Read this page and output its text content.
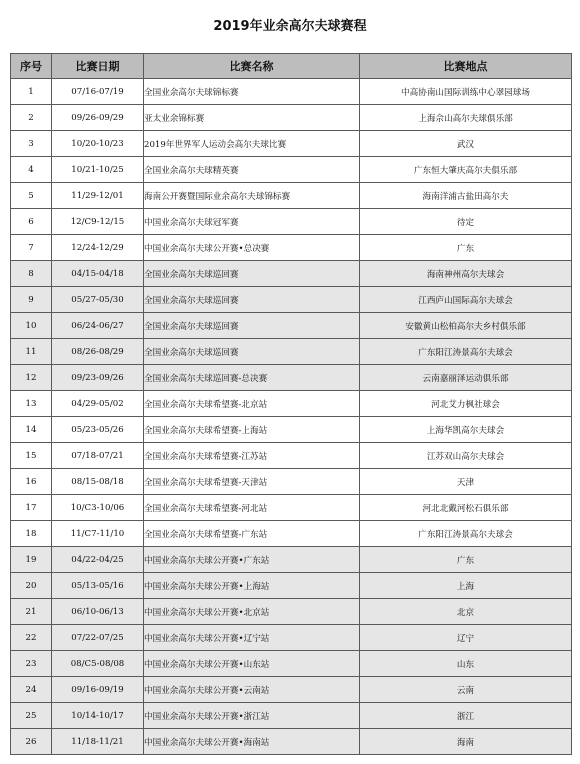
2019年业余高尔夫球赛程
序号	比赛日期	比赛名称	比赛地点
1	07/16-07/19	全国业余高尔夫球锦标赛	中高协南山国际训练中心翠园球场
2	09/26-09/29	亚太业余锦标赛	上海佘山高尔夫球俱乐部
3	10/20-10/23	2019年世界军人运动会高尔夫球比赛	武汉
4	10/21-10/25	全国业余高尔夫球精英赛	广东恒大肇庆高尔夫俱乐部
5	11/29-12/01	海南公开赛暨国际业余高尔夫球锦标赛	海南洋浦古盐田高尔夫
6	12/C9-12/15	中国业余高尔夫球冠军赛	待定
7	12/24-12/29	中国业余高尔夫球公开赛•总决赛	广东
8	04/15-04/18	全国业余高尔夫球巡回赛	海南神州高尔夫球会
9	05/27-05/30	全国业余高尔夫球巡回赛	江西庐山国际高尔夫球会
10	06/24-06/27	全国业余高尔夫球巡回赛	安徽黄山松柏高尔夫乡村俱乐部
11	08/26-08/29	全国业余高尔夫球巡回赛	广东阳江涛景高尔夫球会
12	09/23-09/26	全国业余高尔夫球巡回赛-总决赛	云南嘉丽泽运动俱乐部
13	04/29-05/02	全国业余高尔夫球希望赛-北京站	河北艾力枫社球会
14	05/23-05/26	全国业余高尔夫球希望赛-上海站	上海华凯高尔夫球会
15	07/18-07/21	全国业余高尔夫球希望赛-江苏站	江苏双山高尔夫球会
16	08/15-08/18	全国业余高尔夫球希望赛-天津站	天津
17	10/C3-10/06	全国业余高尔夫球希望赛-河北站	河北北戴河松石俱乐部
18	11/C7-11/10	全国业余高尔夫球希望赛-广东站	广东阳江涛景高尔夫球会
19	04/22-04/25	中国业余高尔夫球公开赛•广东站	广东
20	05/13-05/16	中国业余高尔夫球公开赛•上海站	上海
21	06/10-06/13	中国业余高尔夫球公开赛•北京站	北京
22	07/22-07/25	中国业余高尔夫球公开赛•辽宁站	辽宁
23	08/C5-08/08	中国业余高尔夫球公开赛•山东站	山东
24	09/16-09/19	中国业余高尔夫球公开赛•云南站	云南
25	10/14-10/17	中国业余高尔夫球公开赛•浙江站	浙江
26	11/18-11/21	中国业余高尔夫球公开赛•海南站	海南
